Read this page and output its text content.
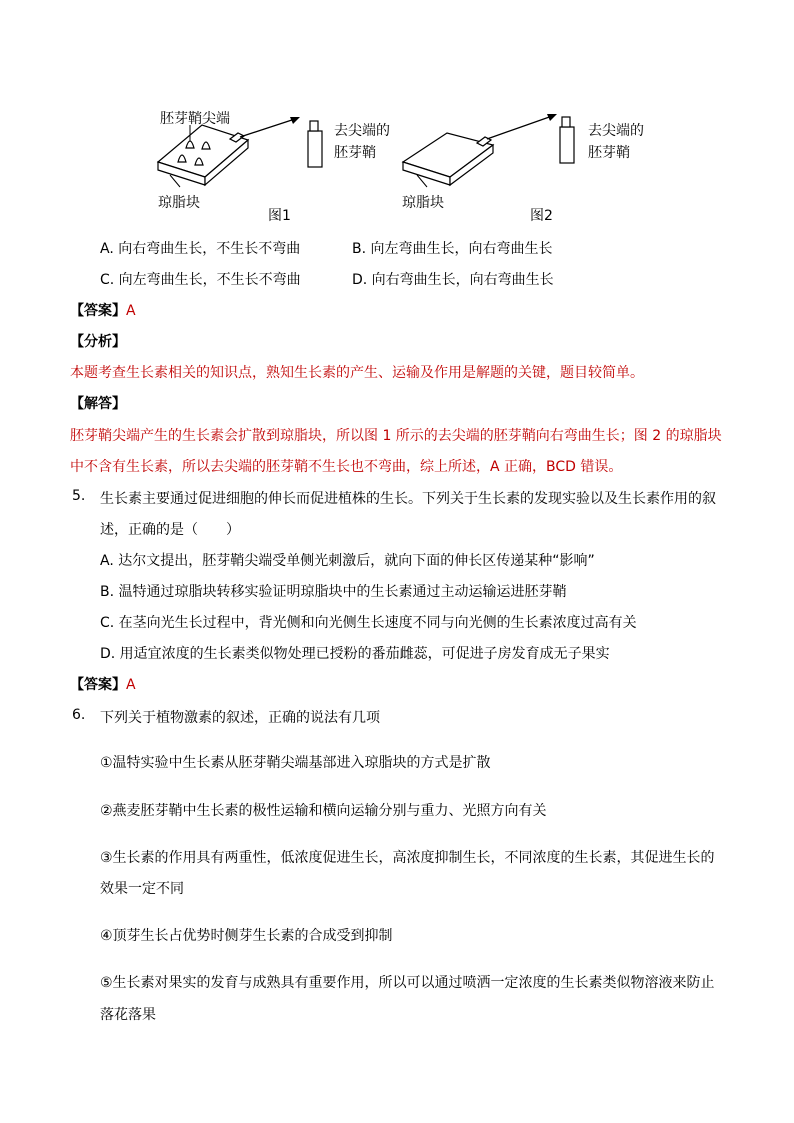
胚芽鞘尖端
去尖端的
胚芽鞘
琼脂块
图1
去尖端的
胚芽鞘
琼脂块
图2
A. 向右弯曲生长，不生长不弯曲	B. 向左弯曲生长，向右弯曲生长
C. 向左弯曲生长，不生长不弯曲	D. 向右弯曲生长，向右弯曲生长
【答案】A
【分析】
本题考查生长素相关的知识点，熟知生长素的产生、运输及作用是解题的关键，题目较简单。
【解答】
胚芽鞘尖端产生的生长素会扩散到琼脂块，所以图 1 所示的去尖端的胚芽鞘向右弯曲生长；图 2 的琼脂块
中不含有生长素，所以去尖端的胚芽鞘不生长也不弯曲，综上所述，A 正确，BCD 错误。
5. 生长素主要通过促进细胞的伸长而促进植株的生长。下列关于生长素的发现实验以及生长素作用的叙
述，正确的是（　　）
A. 达尔文提出，胚芽鞘尖端受单侧光刺激后，就向下面的伸长区传递某种“影响”
B. 温特通过琼脂块转移实验证明琼脂块中的生长素通过主动运输运进胚芽鞘
C. 在茎向光生长过程中，背光侧和向光侧生长速度不同与向光侧的生长素浓度过高有关
D. 用适宜浓度的生长素类似物处理已授粉的番茄雌蕊，可促进子房发育成无子果实
【答案】A
6. 下列关于植物激素的叙述，正确的说法有几项
①温特实验中生长素从胚芽鞘尖端基部进入琼脂块的方式是扩散
②燕麦胚芽鞘中生长素的极性运输和横向运输分别与重力、光照方向有关
③生长素的作用具有两重性，低浓度促进生长，高浓度抑制生长，不同浓度的生长素，其促进生长的
效果一定不同
④顶芽生长占优势时侧芽生长素的合成受到抑制
⑤生长素对果实的发育与成熟具有重要作用，所以可以通过喷洒一定浓度的生长素类似物溶液来防止
落花落果
